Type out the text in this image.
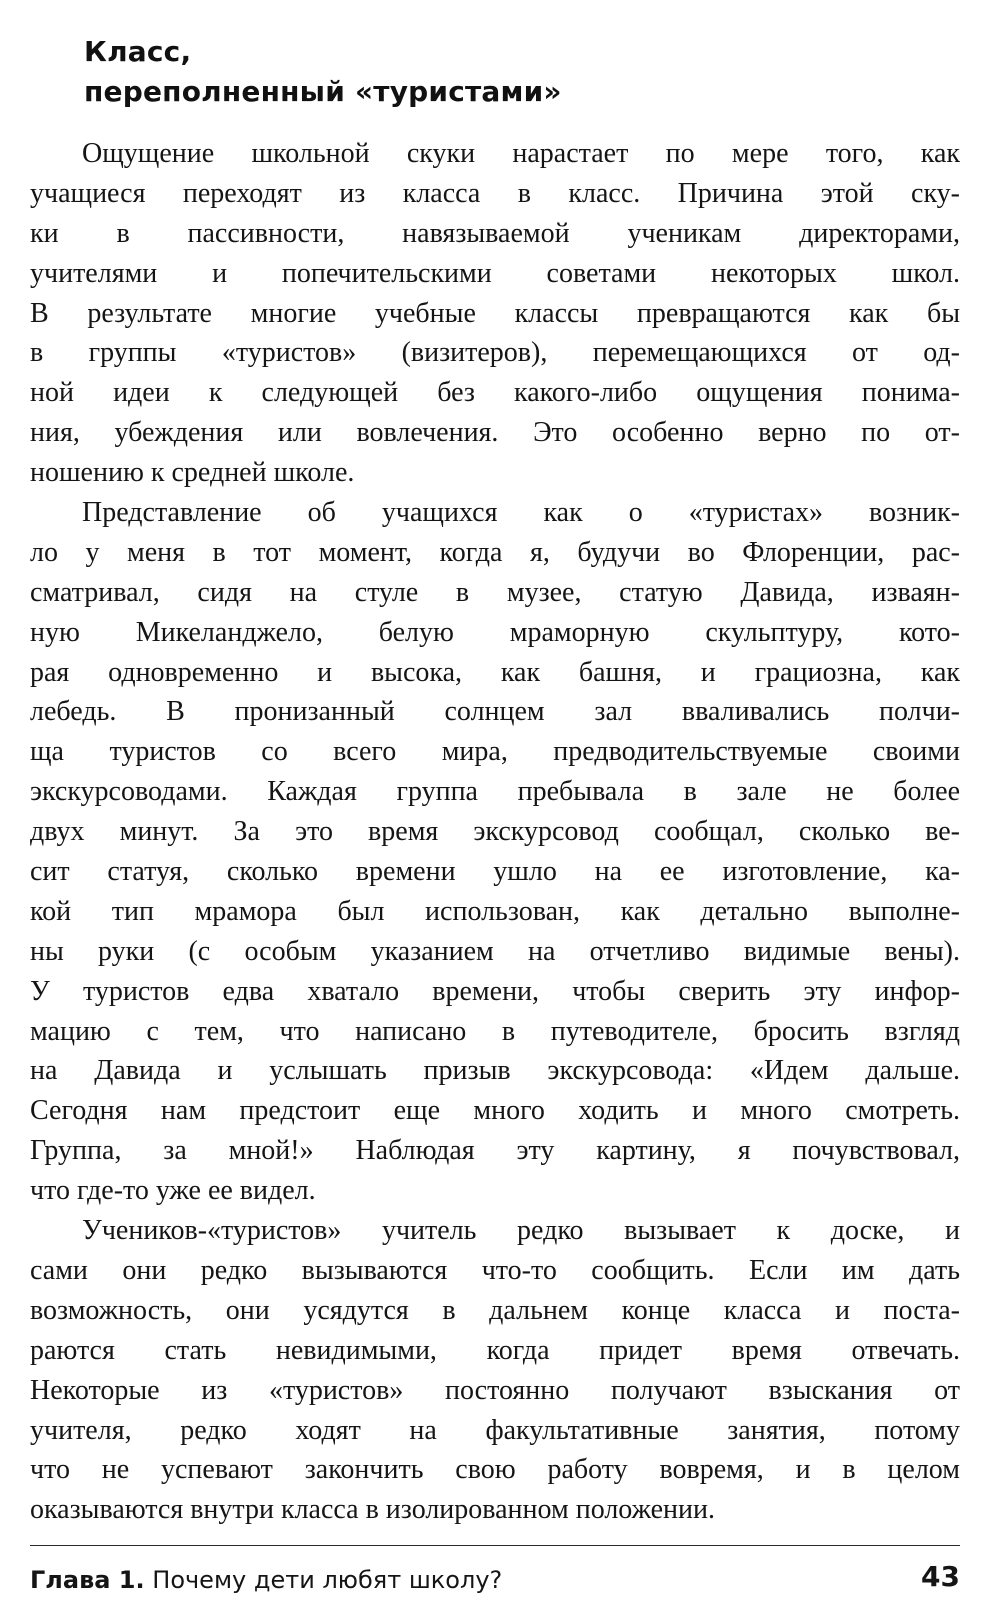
Класс,
переполненный «туристами»
Ощущение школьной скуки нарастает по мере того, как
учащиеся переходят из класса в класс. Причина этой ску-
ки в пассивности, навязываемой ученикам директорами,
учителями и попечительскими советами некоторых школ.
В результате многие учебные классы превращаются как бы
в группы «туристов» (визитеров), перемещающихся от од-
ной идеи к следующей без какого-либо ощущения понима-
ния, убеждения или вовлечения. Это особенно верно по от-
ношению к средней школе.
Представление об учащихся как о «туристах» возник-
ло у меня в тот момент, когда я, будучи во Флоренции, рас-
сматривал, сидя на стуле в музее, статую Давида, изваян-
ную Микеланджело, белую мраморную скульптуру, кото-
рая одновременно и высока, как башня, и грациозна, как
лебедь. В пронизанный солнцем зал вваливались полчи-
ща туристов со всего мира, предводительствуемые своими
экскурсоводами. Каждая группа пребывала в зале не более
двух минут. За это время экскурсовод сообщал, сколько ве-
сит статуя, сколько времени ушло на ее изготовление, ка-
кой тип мрамора был использован, как детально выполне-
ны руки (с особым указанием на отчетливо видимые вены).
У туристов едва хватало времени, чтобы сверить эту инфор-
мацию с тем, что написано в путеводителе, бросить взгляд
на Давида и услышать призыв экскурсовода: «Идем дальше.
Сегодня нам предстоит еще много ходить и много смотреть.
Группа, за мной!» Наблюдая эту картину, я почувствовал,
что где-то уже ее видел.
Учеников-«туристов» учитель редко вызывает к доске, и
сами они редко вызываются что-то сообщить. Если им дать
возможность, они усядутся в дальнем конце класса и поста-
раются стать невидимыми, когда придет время отвечать.
Некоторые из «туристов» постоянно получают взыскания от
учителя, редко ходят на факультативные занятия, потому
что не успевают закончить свою работу вовремя, и в целом
оказываются внутри класса в изолированном положении.
Глава 1. Почему дети любят школу?	43
